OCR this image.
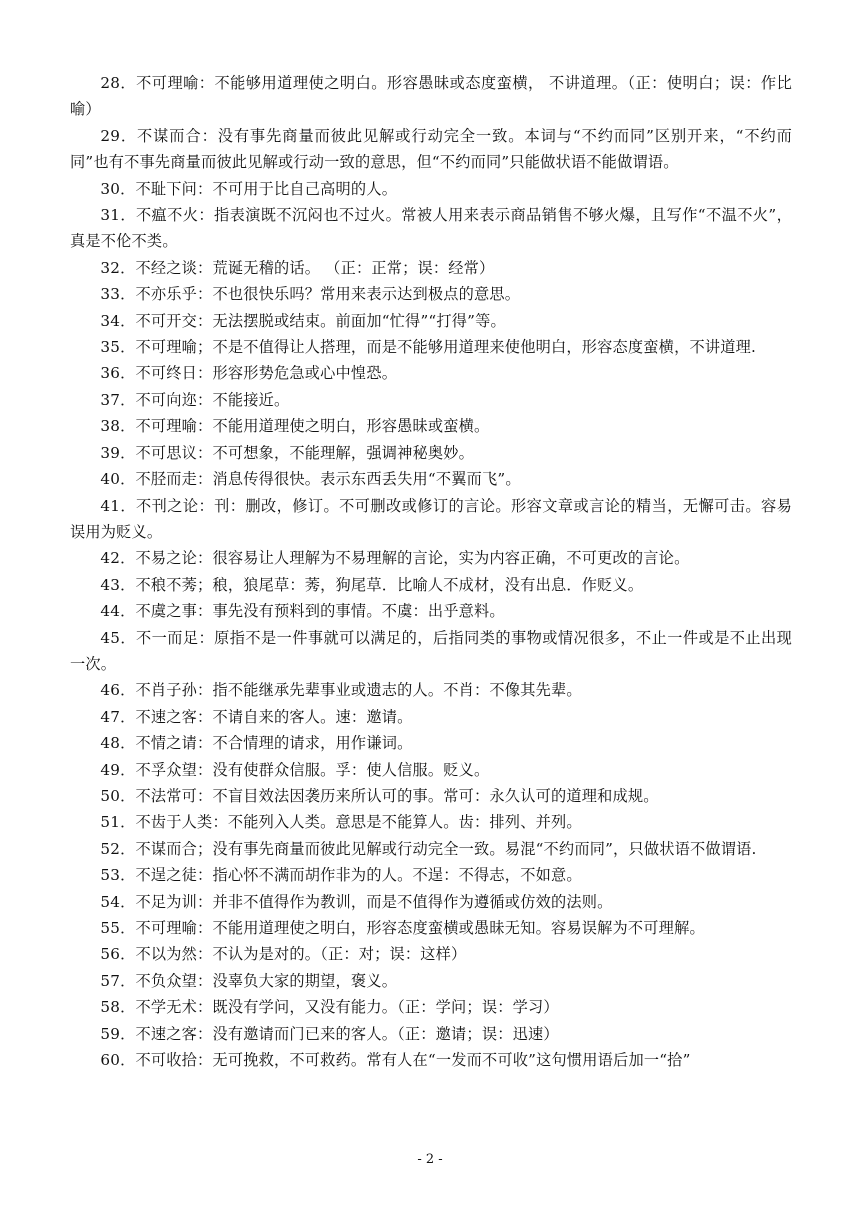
28．不可理喻：不能够用道理使之明白。形容愚昧或态度蛮横， 不讲道理。（正：使明白；误：作比喻）

29．不谋而合：没有事先商量而彼此见解或行动完全一致。本词与“不约而同”区别开来，“不约而同”也有不事先商量而彼此见解或行动一致的意思，但“不约而同”只能做状语不能做谓语。

30．不耻下问：不可用于比自己高明的人。

31．不瘟不火：指表演既不沉闷也不过火。常被人用来表示商品销售不够火爆，且写作“不温不火”，真是不伦不类。

32．不经之谈：荒诞无稽的话。 （正：正常；误：经常）

33．不亦乐乎：不也很快乐吗？常用来表示达到极点的意思。

34．不可开交：无法摆脱或结束。前面加“忙得”“打得”等。

35．不可理喻；不是不值得让人搭理，而是不能够用道理来使他明白，形容态度蛮横，不讲道理.

36．不可终日：形容形势危急或心中惶恐。

37．不可向迩：不能接近。

38．不可理喻：不能用道理使之明白，形容愚昧或蛮横。

39．不可思议：不可想象，不能理解，强调神秘奥妙。

40．不胫而走：消息传得很快。表示东西丢失用“不翼而飞”。

41．不刊之论：刊：删改，修订。不可删改或修订的言论。形容文章或言论的精当，无懈可击。容易误用为贬义。

42．不易之论：很容易让人理解为不易理解的言论，实为内容正确，不可更改的言论。

43．不稂不莠；稂，狼尾草：莠，狗尾草．比喻人不成材，没有出息．作贬义。

44．不虞之事：事先没有预料到的事情。不虞：出乎意料。

45．不一而足：原指不是一件事就可以满足的，后指同类的事物或情况很多，不止一件或是不止出现一次。

46．不肖子孙：指不能继承先辈事业或遗志的人。不肖：不像其先辈。

47．不速之客：不请自来的客人。速：邀请。

48．不情之请：不合情理的请求，用作谦词。

49．不孚众望：没有使群众信服。孚：使人信服。贬义。

50．不法常可：不盲目效法因袭历来所认可的事。常可：永久认可的道理和成规。

51．不齿于人类：不能列入人类。意思是不能算人。齿：排列、并列。

52．不谋而合；没有事先商量而彼此见解或行动完全一致。易混“不约而同”，只做状语不做谓语.

53．不逞之徒：指心怀不满而胡作非为的人。不逞：不得志，不如意。

54．不足为训：并非不值得作为教训，而是不值得作为遵循或仿效的法则。

55．不可理喻：不能用道理使之明白，形容态度蛮横或愚昧无知。容易误解为不可理解。

56．不以为然：不认为是对的。（正：对；误：这样）

57．不负众望：没辜负大家的期望，褒义。

58．不学无术：既没有学问，又没有能力。（正：学问；误：学习）

59．不速之客：没有邀请而门已来的客人。（正：邀请；误：迅速）

60．不可收拾：无可挽救，不可救药。常有人在“一发而不可收”这句惯用语后加一“拾”

- 2 -
